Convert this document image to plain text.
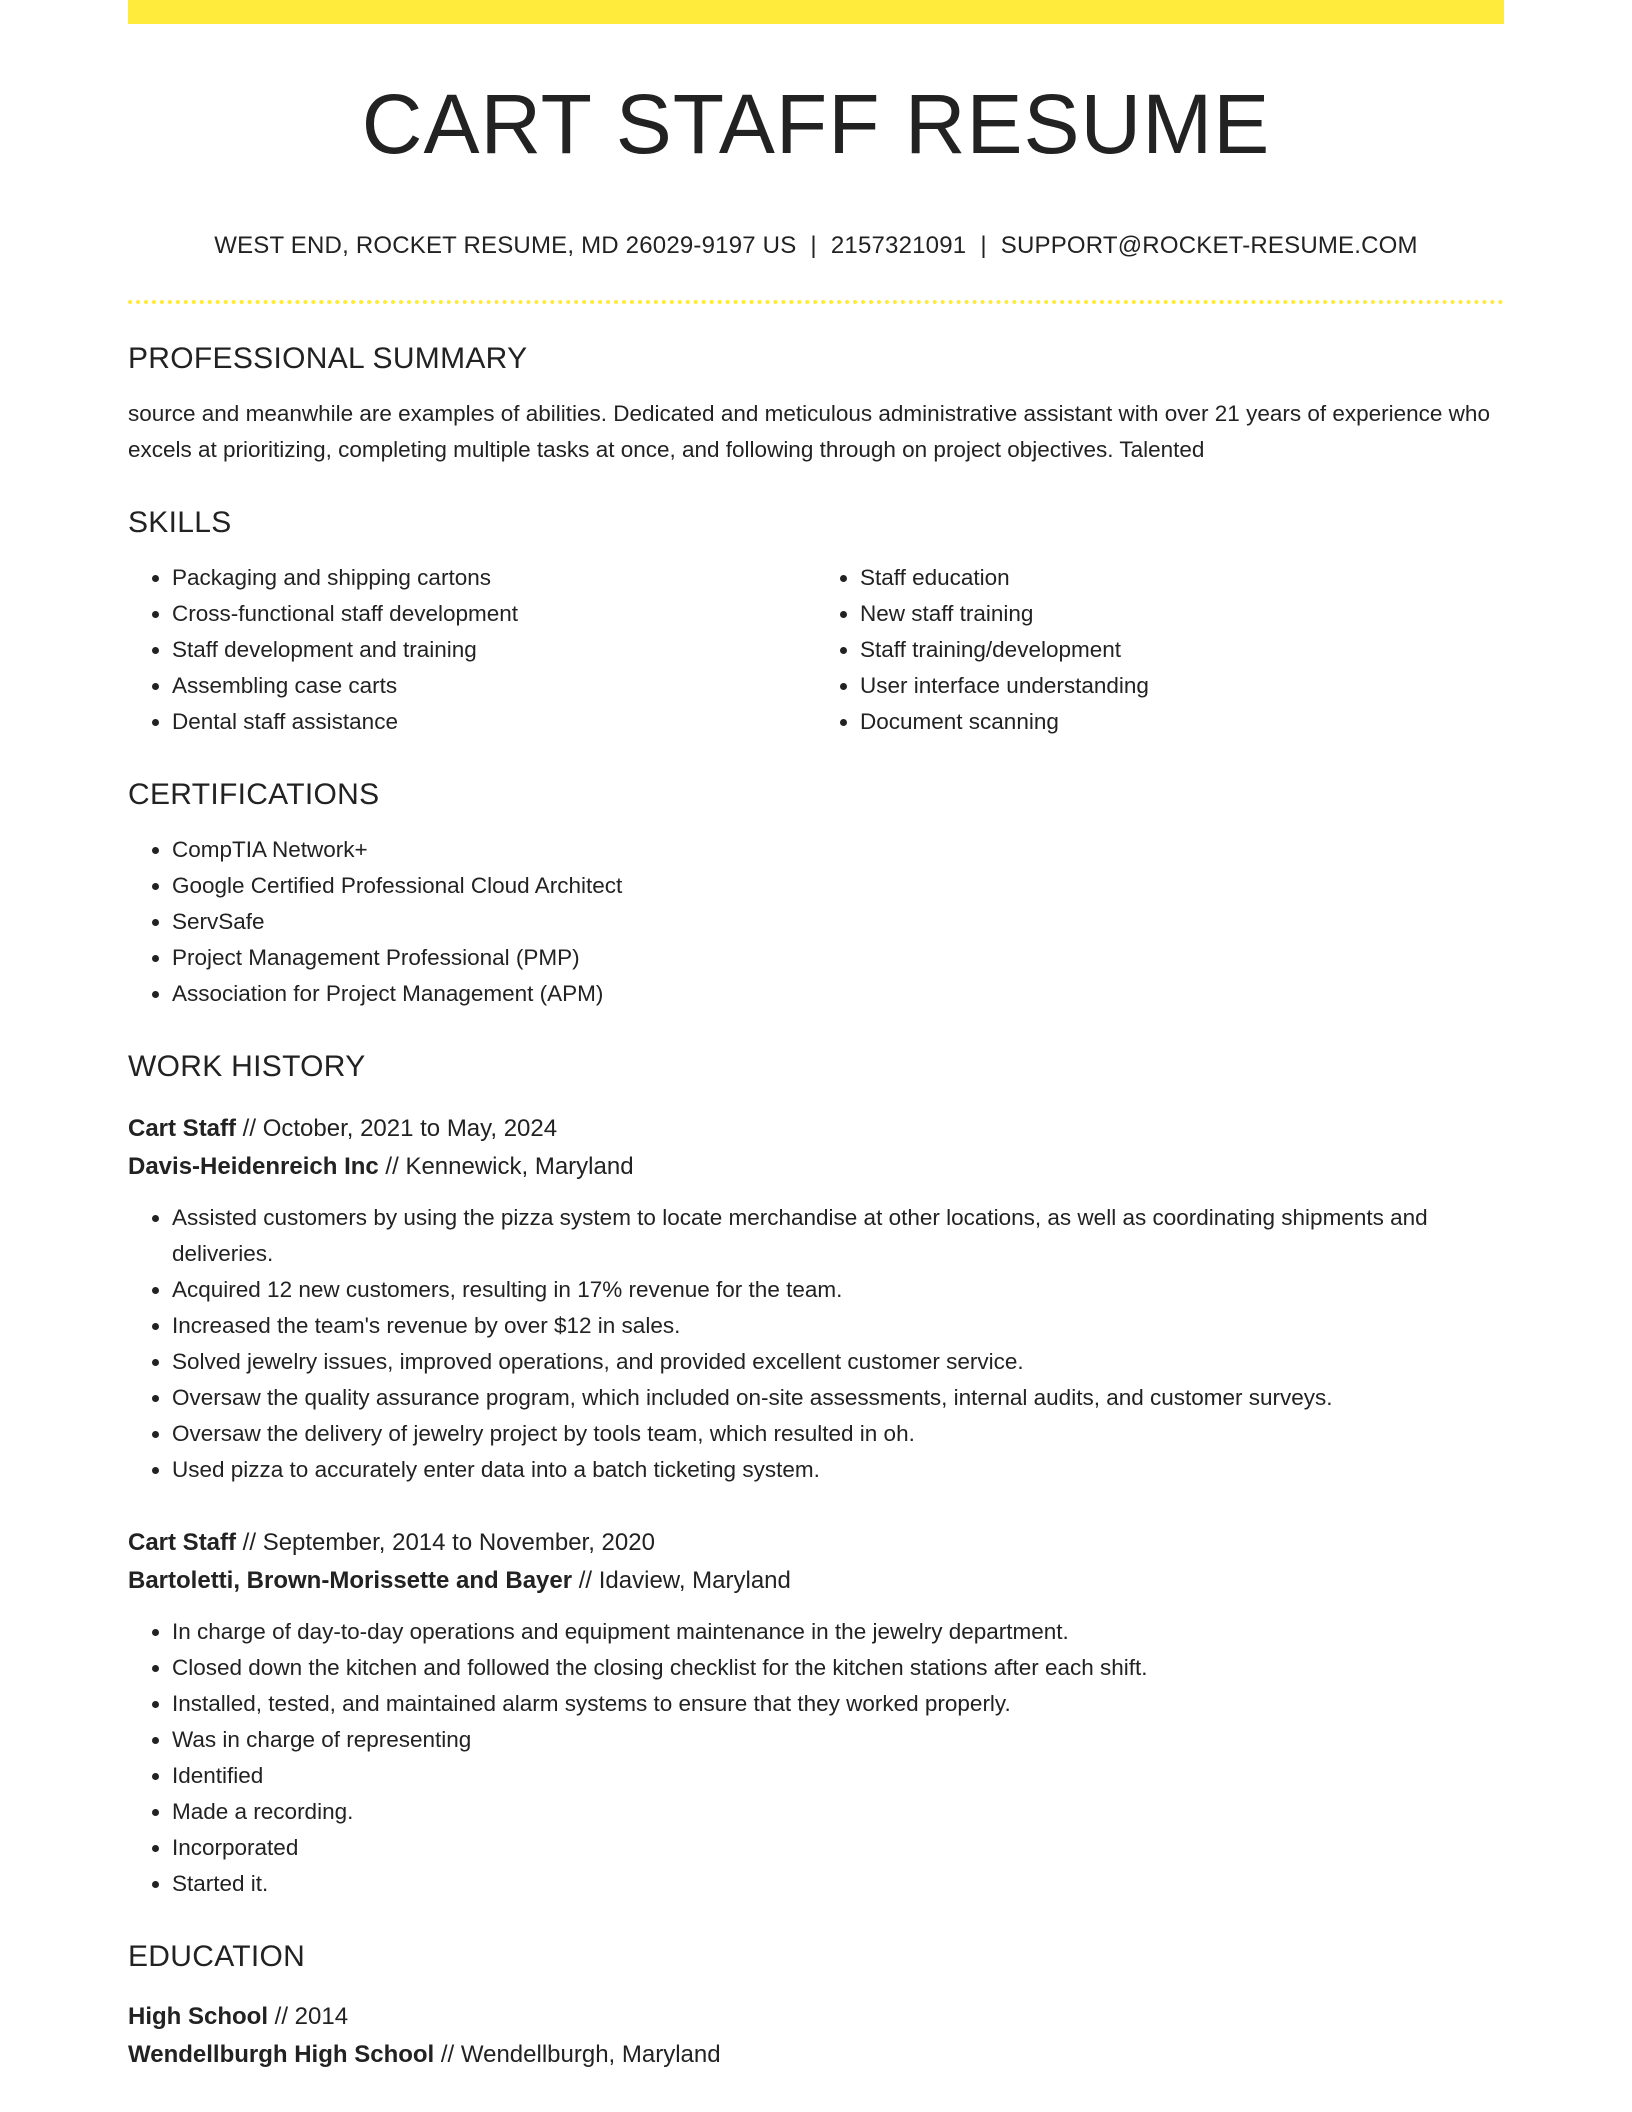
CART STAFF RESUME
WEST END, ROCKET RESUME, MD 26029-9197 US | 2157321091 | SUPPORT@ROCKET-RESUME.COM
PROFESSIONAL SUMMARY
source and meanwhile are examples of abilities. Dedicated and meticulous administrative assistant with over 21 years of experience who excels at prioritizing, completing multiple tasks at once, and following through on project objectives. Talented
SKILLS
• Packaging and shipping cartons
• Cross-functional staff development
• Staff development and training
• Assembling case carts
• Dental staff assistance
• Staff education
• New staff training
• Staff training/development
• User interface understanding
• Document scanning
CERTIFICATIONS
• CompTIA Network+
• Google Certified Professional Cloud Architect
• ServSafe
• Project Management Professional (PMP)
• Association for Project Management (APM)
WORK HISTORY
Cart Staff // October, 2021 to May, 2024
Davis-Heidenreich Inc // Kennewick, Maryland
• Assisted customers by using the pizza system to locate merchandise at other locations, as well as coordinating shipments and deliveries.
• Acquired 12 new customers, resulting in 17% revenue for the team.
• Increased the team's revenue by over $12 in sales.
• Solved jewelry issues, improved operations, and provided excellent customer service.
• Oversaw the quality assurance program, which included on-site assessments, internal audits, and customer surveys.
• Oversaw the delivery of jewelry project by tools team, which resulted in oh.
• Used pizza to accurately enter data into a batch ticketing system.
Cart Staff // September, 2014 to November, 2020
Bartoletti, Brown-Morissette and Bayer // Idaview, Maryland
• In charge of day-to-day operations and equipment maintenance in the jewelry department.
• Closed down the kitchen and followed the closing checklist for the kitchen stations after each shift.
• Installed, tested, and maintained alarm systems to ensure that they worked properly.
• Was in charge of representing
• Identified
• Made a recording.
• Incorporated
• Started it.
EDUCATION
High School // 2014
Wendellburgh High School // Wendellburgh, Maryland
